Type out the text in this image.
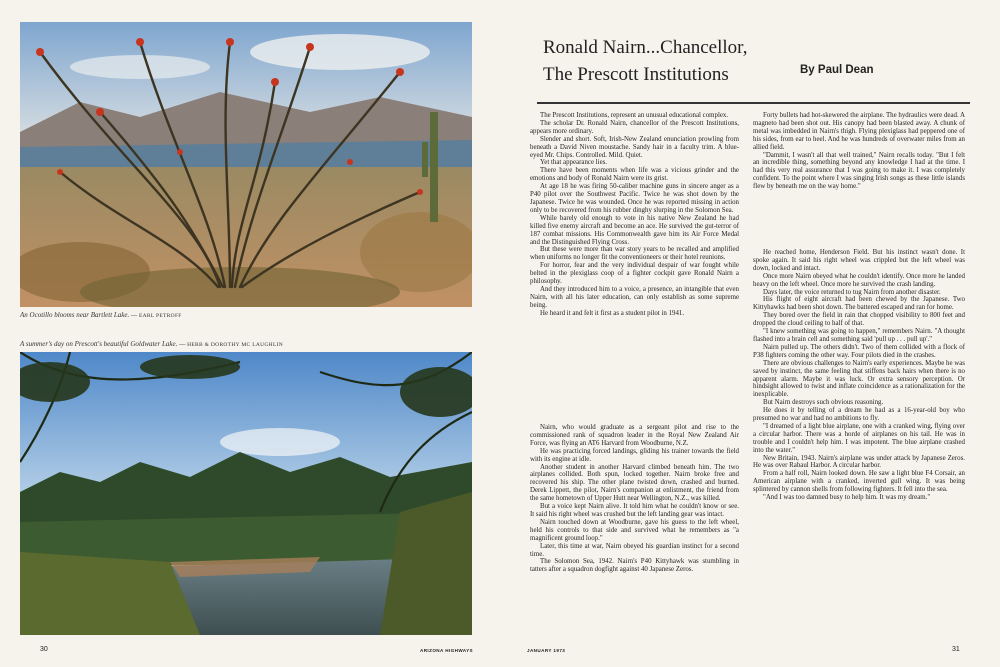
An Ocotillo blooms near Bartlett Lake. — EARL PETROFF
A summer's day on Prescott's beautiful Goldwater Lake. — HERB & DOROTHY MC LAUGHLIN
Ronald Nairn...Chancellor,
The Prescott Institutions	By Paul Dean

The Prescott Institutions, represent an unusual educational complex.

The scholar Dr. Ronald Nairn, chancellor of the Prescott Institutions, appears more ordinary.

Slender and short. Soft, Irish-New Zealand enunciation prowling from beneath a David Niven moustache. Sandy hair in a faculty trim. A blue-eyed Mr. Chips. Controlled. Mild. Quiet.

Yet that appearance lies.

There have been moments when life was a vicious grinder and the emotions and body of Ronald Nairn were its grist.

At age 18 he was firing 50-caliber machine guns in sincere anger as a P40 pilot over the Southwest Pacific. Twice he was shot down by the Japanese. Twice he was wounded. Once he was reported missing in action only to be recovered from his rubber dinghy slurping in the Solomon Sea.

While barely old enough to vote in his native New Zealand he had killed five enemy aircraft and become an ace. He survived the gut-terror of 187 combat missions. His Commonwealth gave him its Air Force Medal and the Distinguished Flying Cross.

But these were more than war story years to be recalled and amplified when uniforms no longer fit the conventioneers or their hotel reunions.

For horror, fear and the very individual despair of war fought while belted in the plexiglass coop of a fighter cockpit gave Ronald Nairn a philosophy.

And they introduced him to a voice, a presence, an intangible that even Nairn, with all his later education, can only establish as some supreme being.

He heard it and felt it first as a student pilot in 1941.

Nairn, who would graduate as a sergeant pilot and rise to the commissioned rank of squadron leader in the Royal New Zealand Air Force, was flying an AT6 Harvard from Woodburne, N.Z.

He was practicing forced landings, gliding his trainer towards the field with its engine at idle.

Another student in another Harvard climbed beneath him. The two airplanes collided. Both spun, locked together. Nairn broke free and recovered his ship. The other plane twisted down, crashed and burned. Derek Lippett, the pilot, Nairn's companion at enlistment, the friend from the same hometown of Upper Hutt near Wellington, N.Z., was killed.

But a voice kept Nairn alive. It told him what he couldn't know or see. It said his right wheel was crushed but the left landing gear was intact.

Nairn touched down at Woodburne, gave his guess to the left wheel, held his controls to that side and survived what he remembers as "a magnificent ground loop."

Later, this time at war, Nairn obeyed his guardian instinct for a second time.

The Solomon Sea, 1942. Nairn's P40 Kittyhawk was stumbling in tatters after a squadron dogfight against 40 Japanese Zeros.

Forty bullets had hot-skewered the airplane. The hydraulics were dead. A magneto had been shot out. His canopy had been blasted away. A chunk of metal was imbedded in Nairn's thigh. Flying plexiglass had peppered one of his sides, from ear to heel. And he was hundreds of overwater miles from an allied field.

"Dammit, I wasn't all that well trained," Nairn recalls today. "But I felt an incredible thing, something beyond any knowledge I had at the time. I had this very real assurance that I was going to make it. I was completely confident. To the point where I was singing Irish songs as these little islands flew by beneath me on the way home."

He reached home, Henderson Field. But his instinct wasn't done. It spoke again. It said his right wheel was crippled but the left wheel was down, locked and intact.

Once more Nairn obeyed what he couldn't identify. Once more he landed heavy on the left wheel. Once more he survived the crash landing.

Days later, the voice returned to tug Nairn from another disaster.

His flight of eight aircraft had been chewed by the Japanese. Two Kittyhawks had been shot down. The battered escaped and ran for home.

They bored over the field in rain that chopped visibility to 800 feet and dropped the cloud ceiling to half of that.

"I knew something was going to happen," remembers Nairn. "A thought flashed into a brain cell and something said 'pull up . . . pull up'."

Nairn pulled up. The others didn't. Two of them collided with a flock of P38 fighters coming the other way. Four pilots died in the crashes.

There are obvious challenges to Nairn's early experiences. Maybe he was saved by instinct, the same feeling that stiffens back hairs when there is no apparent alarm. Maybe it was luck. Or extra sensory perception. Or hindsight allowed to twist and inflate coincidence as a rationalization for the inexplicable.

But Nairn destroys such obvious reasoning.

He does it by telling of a dream he had as a 16-year-old boy who presumed no war and had no ambitions to fly.

"I dreamed of a light blue airplane, one with a cranked wing, flying over a circular harbor. There was a horde of airplanes on his tail. He was in trouble and I couldn't help him. I was impotent. The blue airplane crashed into the water."

New Britain, 1943. Nairn's airplane was under attack by Japanese Zeros. He was over Rabaul Harbor. A circular harbor.

From a half roll, Nairn looked down. He saw a light blue F4 Corsair, an American airplane with a cranked, inverted gull wing. It was being splintered by cannon shells from following fighters. It fell into the sea.

"And I was too damned busy to help him. It was my dream."

30	ARIZONA HIGHWAYS	JANUARY 1973	31
